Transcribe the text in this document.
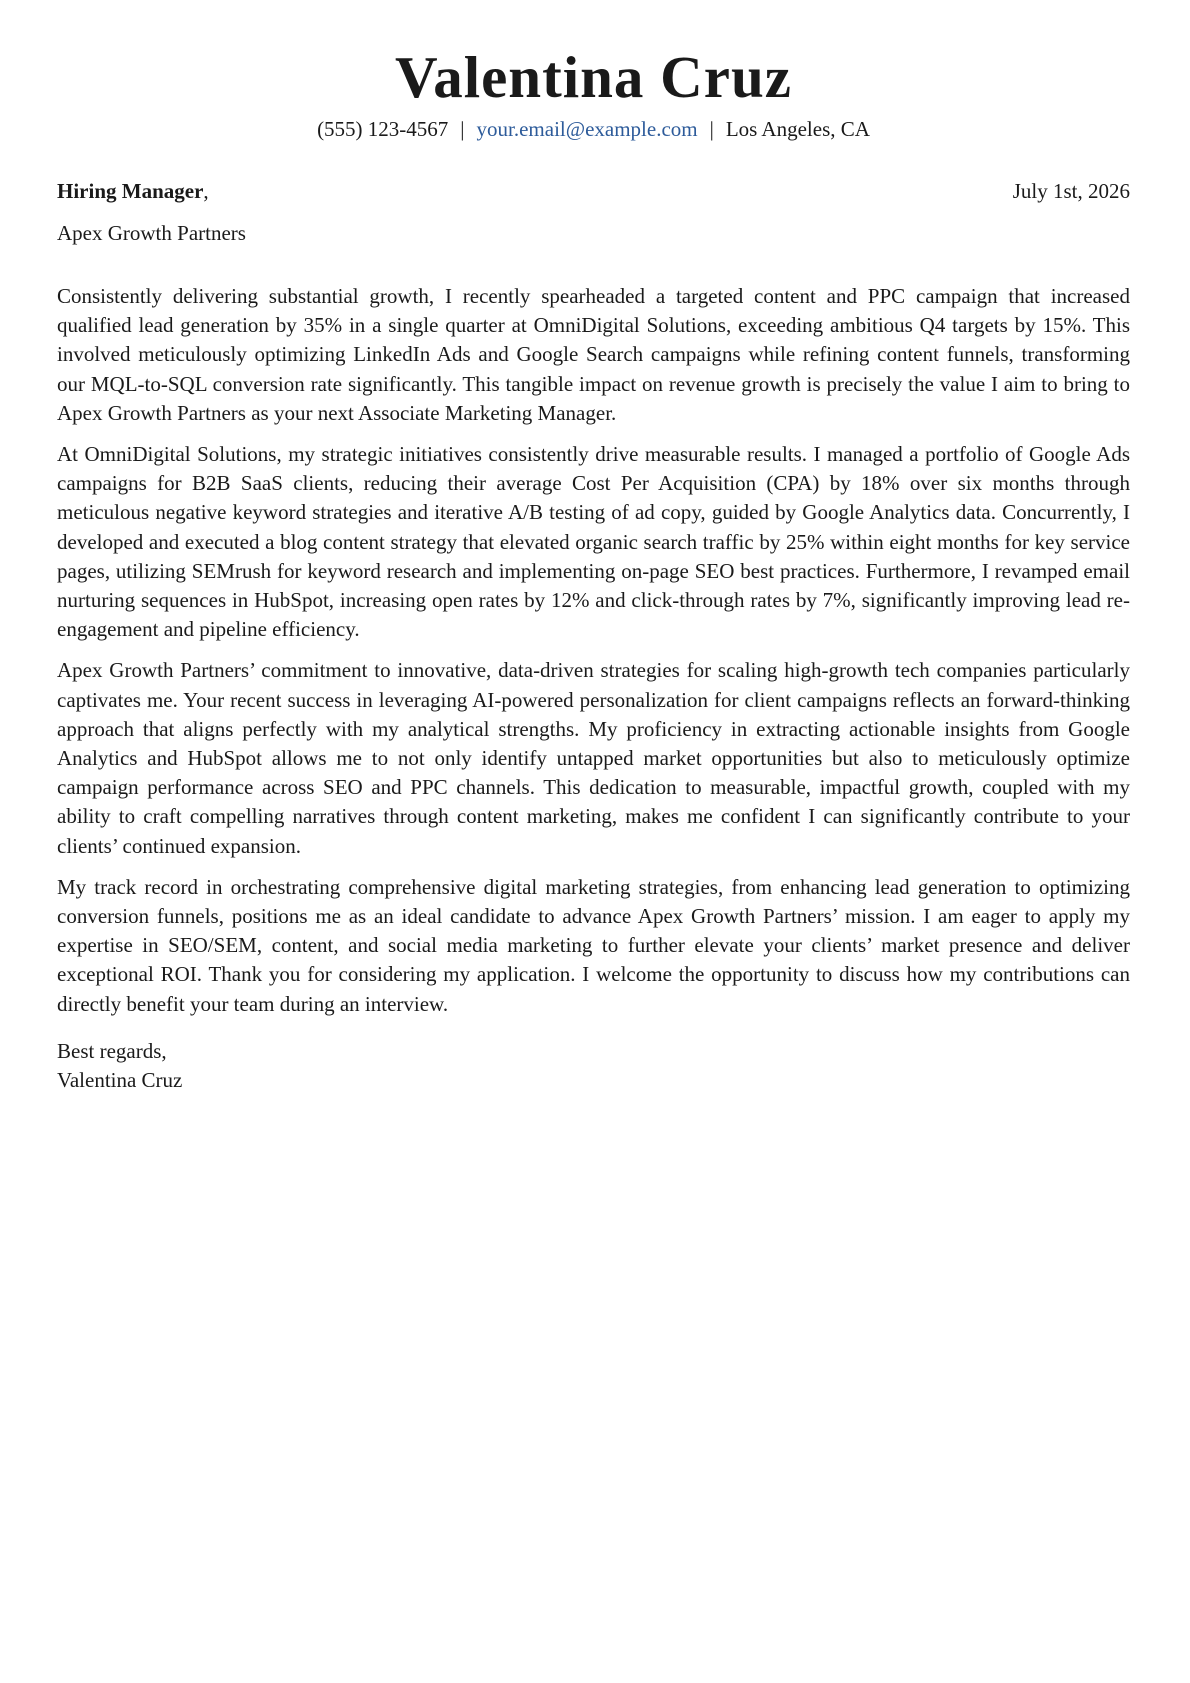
Valentina Cruz
(555) 123-4567 | your.email@example.com | Los Angeles, CA
Hiring Manager,	July 1st, 2026
Apex Growth Partners

Consistently delivering substantial growth, I recently spearheaded a targeted content and PPC campaign that increased qualified lead generation by 35% in a single quarter at OmniDigital Solutions, exceeding ambitious Q4 targets by 15%. This involved meticulously optimizing LinkedIn Ads and Google Search campaigns while refining content funnels, transforming our MQL-to-SQL conversion rate significantly. This tangible impact on revenue growth is precisely the value I aim to bring to Apex Growth Partners as your next Associate Marketing Manager.

At OmniDigital Solutions, my strategic initiatives consistently drive measurable results. I managed a portfolio of Google Ads campaigns for B2B SaaS clients, reducing their average Cost Per Acquisition (CPA) by 18% over six months through meticulous negative keyword strategies and iterative A/B testing of ad copy, guided by Google Analytics data. Concurrently, I developed and executed a blog content strategy that elevated organic search traffic by 25% within eight months for key service pages, utilizing SEMrush for keyword research and implementing on-page SEO best practices. Furthermore, I revamped email nurturing sequences in HubSpot, increasing open rates by 12% and click-through rates by 7%, significantly improving lead re-engagement and pipeline efficiency.

Apex Growth Partners’ commitment to innovative, data-driven strategies for scaling high-growth tech companies particularly captivates me. Your recent success in leveraging AI-powered personalization for client campaigns reflects an forward-thinking approach that aligns perfectly with my analytical strengths. My proficiency in extracting actionable insights from Google Analytics and HubSpot allows me to not only identify untapped market opportunities but also to meticulously optimize campaign performance across SEO and PPC channels. This dedication to measurable, impactful growth, coupled with my ability to craft compelling narratives through content marketing, makes me confident I can significantly contribute to your clients’ continued expansion.

My track record in orchestrating comprehensive digital marketing strategies, from enhancing lead generation to optimizing conversion funnels, positions me as an ideal candidate to advance Apex Growth Partners’ mission. I am eager to apply my expertise in SEO/SEM, content, and social media marketing to further elevate your clients’ market presence and deliver exceptional ROI. Thank you for considering my application. I welcome the opportunity to discuss how my contributions can directly benefit your team during an interview.

Best regards,
Valentina Cruz
